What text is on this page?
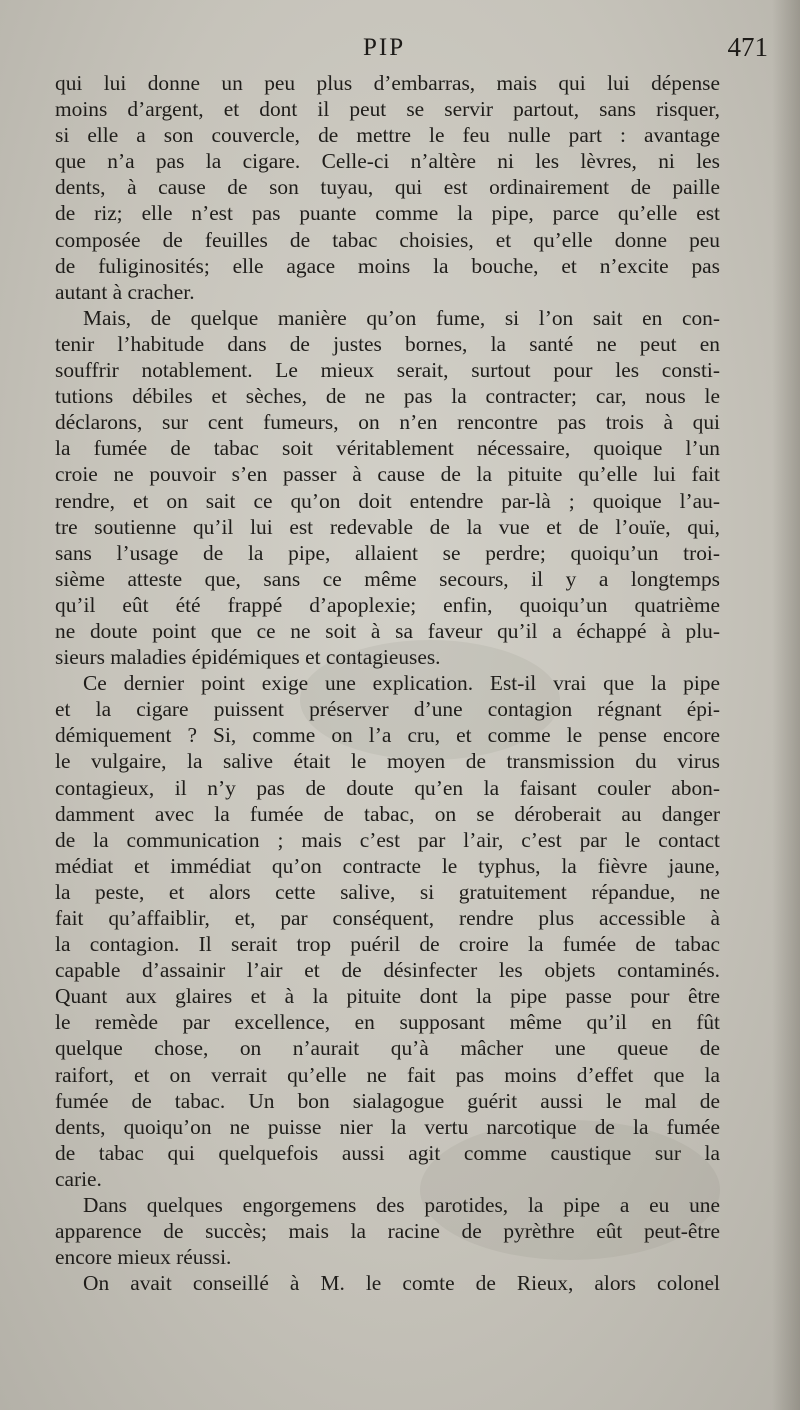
PIP	471
qui lui donne un peu plus d’embarras, mais qui lui dépense
moins d’argent, et dont il peut se servir partout, sans risquer,
si elle a son couvercle, de mettre le feu nulle part : avantage
que n’a pas la cigare. Celle-ci n’altère ni les lèvres, ni les
dents, à cause de son tuyau, qui est ordinairement de paille
de riz; elle n’est pas puante comme la pipe, parce qu’elle est
composée de feuilles de tabac choisies, et qu’elle donne peu
de fuliginosités; elle agace moins la bouche, et n’excite pas
autant à cracher.
Mais, de quelque manière qu’on fume, si l’on sait en con-
tenir l’habitude dans de justes bornes, la santé ne peut en
souffrir notablement. Le mieux serait, surtout pour les consti-
tutions débiles et sèches, de ne pas la contracter; car, nous le
déclarons, sur cent fumeurs, on n’en rencontre pas trois à qui
la fumée de tabac soit véritablement nécessaire, quoique l’un
croie ne pouvoir s’en passer à cause de la pituite qu’elle lui fait
rendre, et on sait ce qu’on doit entendre par-là ; quoique l’au-
tre soutienne qu’il lui est redevable de la vue et de l’ouïe, qui,
sans l’usage de la pipe, allaient se perdre; quoiqu’un troi-
sième atteste que, sans ce même secours, il y a longtemps
qu’il eût été frappé d’apoplexie; enfin, quoiqu’un quatrième
ne doute point que ce ne soit à sa faveur qu’il a échappé à plu-
sieurs maladies épidémiques et contagieuses.
Ce dernier point exige une explication. Est-il vrai que la pipe
et la cigare puissent préserver d’une contagion régnant épi-
démiquement ? Si, comme on l’a cru, et comme le pense encore
le vulgaire, la salive était le moyen de transmission du virus
contagieux, il n’y pas de doute qu’en la faisant couler abon-
damment avec la fumée de tabac, on se déroberait au danger
de la communication ; mais c’est par l’air, c’est par le contact
médiat et immédiat qu’on contracte le typhus, la fièvre jaune,
la peste, et alors cette salive, si gratuitement répandue, ne
fait qu’affaiblir, et, par conséquent, rendre plus accessible à
la contagion. Il serait trop puéril de croire la fumée de tabac
capable d’assainir l’air et de désinfecter les objets contaminés.
Quant aux glaires et à la pituite dont la pipe passe pour être
le remède par excellence, en supposant même qu’il en fût
quelque chose, on n’aurait qu’à mâcher une queue de
raifort, et on verrait qu’elle ne fait pas moins d’effet que la
fumée de tabac. Un bon sialagogue guérit aussi le mal de
dents, quoiqu’on ne puisse nier la vertu narcotique de la fumée
de tabac qui quelquefois aussi agit comme caustique sur la
carie.
Dans quelques engorgemens des parotides, la pipe a eu une
apparence de succès; mais la racine de pyrèthre eût peut-être
encore mieux réussi.
On avait conseillé à M. le comte de Rieux, alors colonel
